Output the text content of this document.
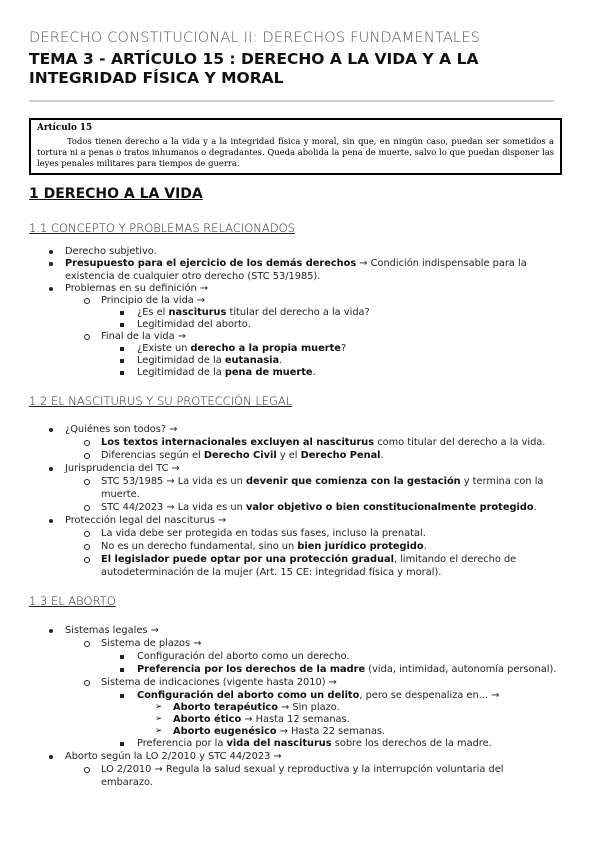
DERECHO CONSTITUCIONAL II: DERECHOS FUNDAMENTALES
TEMA 3 - ARTÍCULO 15 : DERECHO A LA VIDA Y A LA INTEGRIDAD FÍSICA Y MORAL
Artículo 15
Todos tienen derecho a la vida y a la integridad física y moral, sin que, en ningún caso, puedan ser sometidos a tortura ni a penas o tratos inhumanos o degradantes. Queda abolida la pena de muerte, salvo lo que puedan disponer las leyes penales militares para tiempos de guerra.
1 DERECHO A LA VIDA
1.1 CONCEPTO Y PROBLEMAS RELACIONADOS
Derecho subjetivo.
Presupuesto para el ejercicio de los demás derechos → Condición indispensable para la existencia de cualquier otro derecho (STC 53/1985).
Problemas en su definición →
Principio de la vida →
¿Es el nasciturus titular del derecho a la vida?
Legitimidad del aborto.
Final de la vida →
¿Existe un derecho a la propia muerte?
Legitimidad de la eutanasia.
Legitimidad de la pena de muerte.
1.2 EL NASCITURUS Y SU PROTECCIÓN LEGAL
¿Quiénes son todos? →
Los textos internacionales excluyen al nasciturus como titular del derecho a la vida.
Diferencias según el Derecho Civil y el Derecho Penal.
Jurisprudencia del TC →
STC 53/1985 → La vida es un devenir que comienza con la gestación y termina con la muerte.
STC 44/2023 → La vida es un valor objetivo o bien constitucionalmente protegido.
Protección legal del nasciturus →
La vida debe ser protegida en todas sus fases, incluso la prenatal.
No es un derecho fundamental, sino un bien jurídico protegido.
El legislador puede optar por una protección gradual, limitando el derecho de autodeterminación de la mujer (Art. 15 CE: integridad física y moral).
1.3 EL ABORTO
Sistemas legales →
Sistema de plazos →
Configuración del aborto como un derecho.
Preferencia por los derechos de la madre (vida, intimidad, autonomía personal).
Sistema de indicaciones (vigente hasta 2010) →
Configuración del aborto como un delito, pero se despenaliza en... →
➢ Aborto terapéutico → Sin plazo.
➢ Aborto ético → Hasta 12 semanas.
➢ Aborto eugenésico → Hasta 22 semanas.
Preferencia por la vida del nasciturus sobre los derechos de la madre.
Aborto según la LO 2/2010 y STC 44/2023 →
LO 2/2010 → Regula la salud sexual y reproductiva y la interrupción voluntaria del embarazo.
